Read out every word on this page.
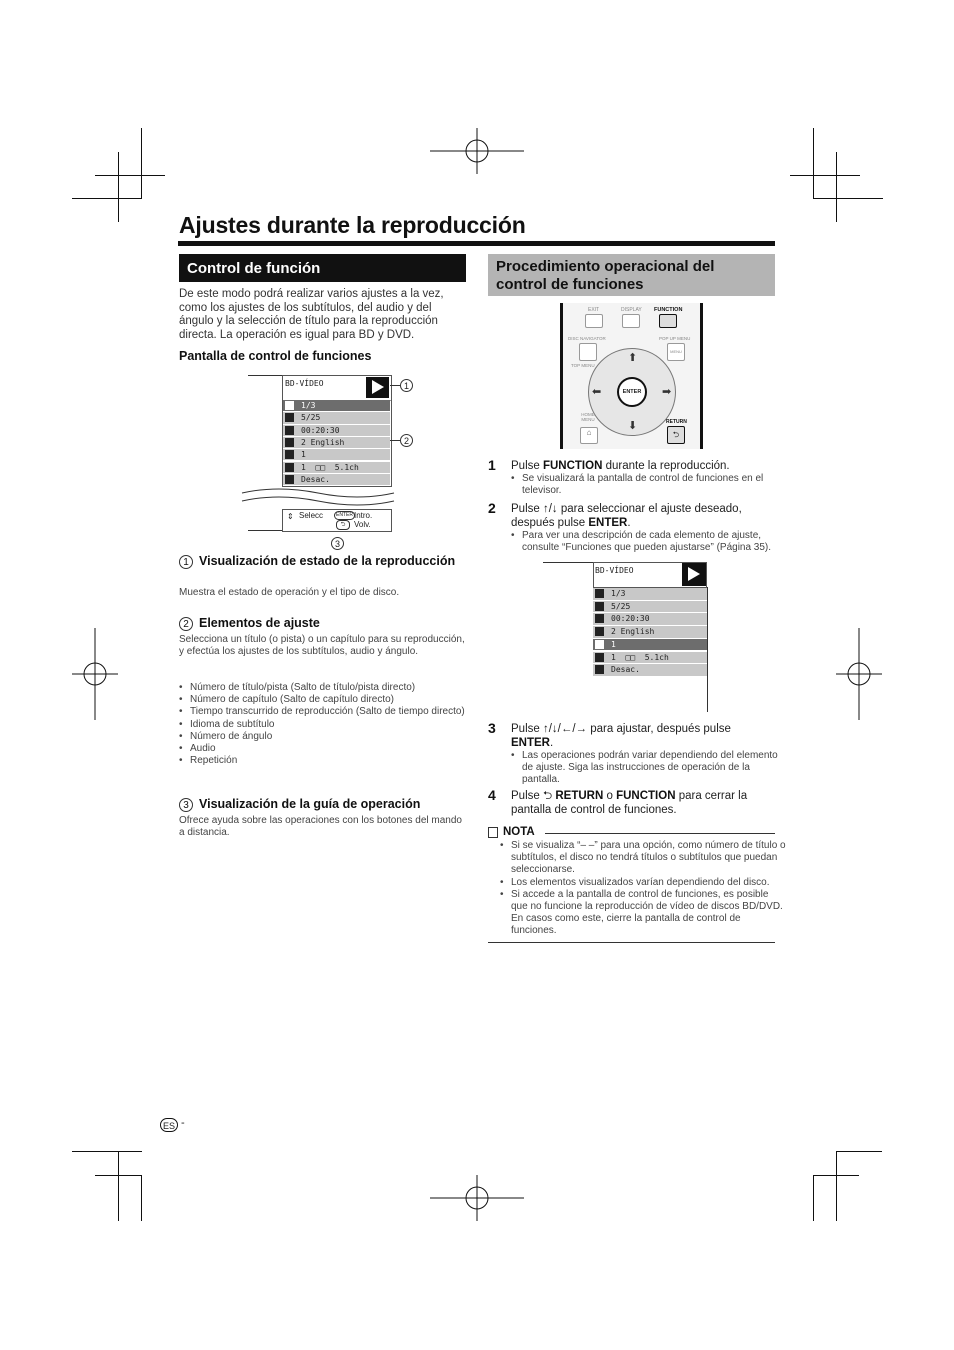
Ajustes durante la reproducción
Control de función
De este modo podrá realizar varios ajustes a la vez, como los ajustes de los subtítulos, del audio y del ángulo y la selección de título para la reproducción directa. La operación es igual para BD y DVD.
Pantalla de control de funciones
BD-VÍDEO
1/3
5/25
00:20:30
2 English
1
1  □□  5.1ch
Desac.
⇕ Selecc	ENTER Intro.
⮌	Volv.
1
2
3
1 Visualización de estado de la reproducción
Muestra el estado de operación y el tipo de disco.
2 Elementos de ajuste
Selecciona un título (o pista) o un capítulo para su reproducción, y efectúa los ajustes de los subtítulos, audio y ángulo.
• Número de título/pista (Salto de título/pista directo)
• Número de capítulo (Salto de capítulo directo)
• Tiempo transcurrido de reproducción (Salto de tiempo directo)
• Idioma de subtítulo
• Número de ángulo
• Audio
• Repetición
3 Visualización de la guía de operación
Ofrece ayuda sobre las operaciones con los botones del mando a distancia.
ES -
Procedimiento operacional del control de funciones
EXIT	DISPLAY FUNCTION
DISC NAVIGATOR	POP UP MENU
MENU
TOP MENU
⬆
⬇
⬅	➡
ENTER
HOME MENU
⌂
RETURN
⮌
1 Pulse FUNCTION durante la reproducción.
• Se visualizará la pantalla de control de funciones en el televisor.
2 Pulse ↑/↓ para seleccionar el ajuste deseado, después pulse ENTER.
• Para ver una descripción de cada elemento de ajuste, consulte “Funciones que pueden ajustarse” (Página 35).
BD-VÍDEO
1/3
5/25
00:20:30
2 English
1
1  □□  5.1ch
Desac.
3 Pulse ↑/↓/←/→ para ajustar, después pulse ENTER.
• Las operaciones podrán variar dependiendo del elemento de ajuste. Siga las instrucciones de operación de la pantalla.
4 Pulse ⮌ RETURN o FUNCTION para cerrar la pantalla de control de funciones.
NOTA
• Si se visualiza “– –” para una opción, como número de título o subtítulos, el disco no tendrá títulos o subtítulos que puedan seleccionarse.
• Los elementos visualizados varían dependiendo del disco.
• Si accede a la pantalla de control de funciones, es posible que no funcione la reproducción de vídeo de discos BD/DVD. En casos como este, cierre la pantalla de control de funciones.
